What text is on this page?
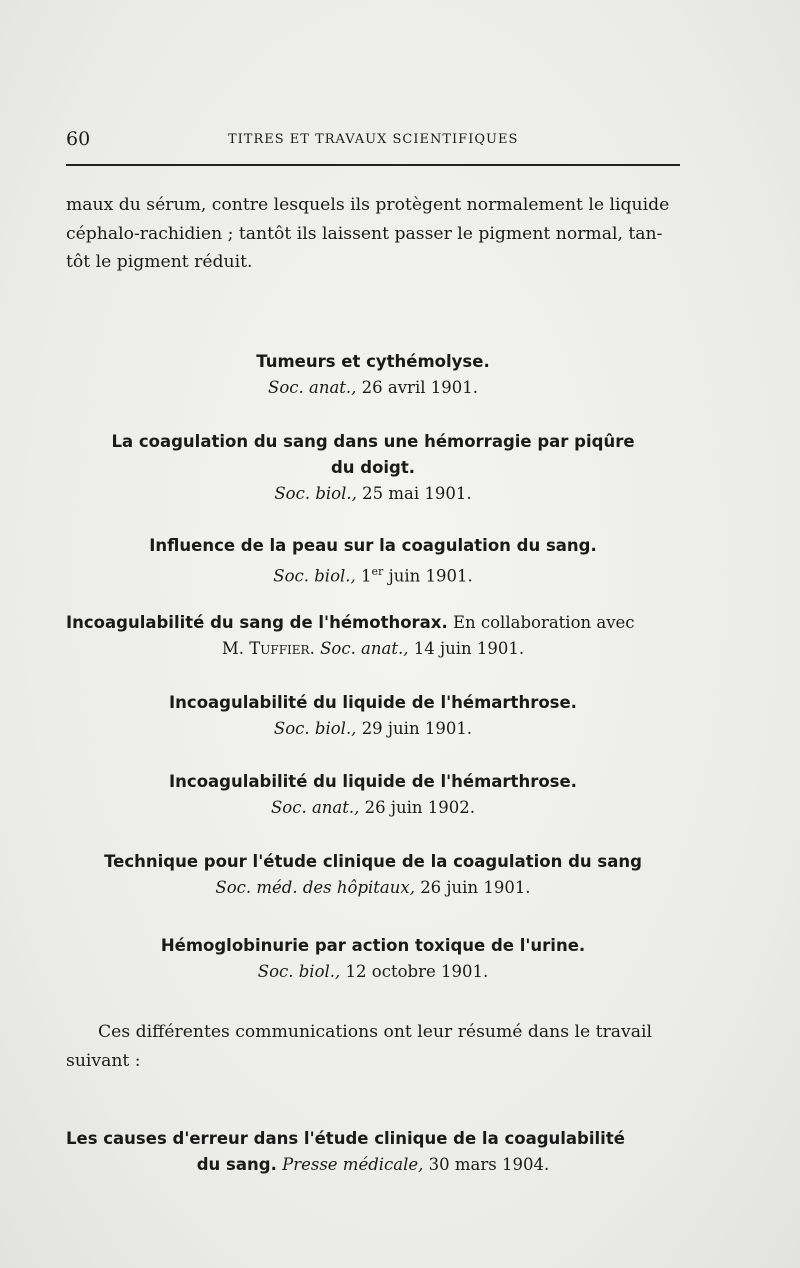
60	TITRES ET TRAVAUX SCIENTIFIQUES
maux du sérum, contre lesquels ils protègent normalement le liquide
céphalo-rachidien ; tantôt ils laissent passer le pigment normal, tan-
tôt le pigment réduit.
Tumeurs et cythémolyse.
Soc. anat., 26 avril 1901.
La coagulation du sang dans une hémorragie par piqûre
du doigt.
Soc. biol., 25 mai 1901.
Influence de la peau sur la coagulation du sang.
Soc. biol., 1er juin 1901.
Incoagulabilité du sang de l'hémothorax. En collaboration avec
M. Tuffier. Soc. anat., 14 juin 1901.
Incoagulabilité du liquide de l'hémarthrose.
Soc. biol., 29 juin 1901.
Incoagulabilité du liquide de l'hémarthrose.
Soc. anat., 26 juin 1902.
Technique pour l'étude clinique de la coagulation du sang
Soc. méd. des hôpitaux, 26 juin 1901.
Hémoglobinurie par action toxique de l'urine.
Soc. biol., 12 octobre 1901.
Ces différentes communications ont leur résumé dans le travail
suivant :
Les causes d'erreur dans l'étude clinique de la coagulabilité
du sang. Presse médicale, 30 mars 1904.
